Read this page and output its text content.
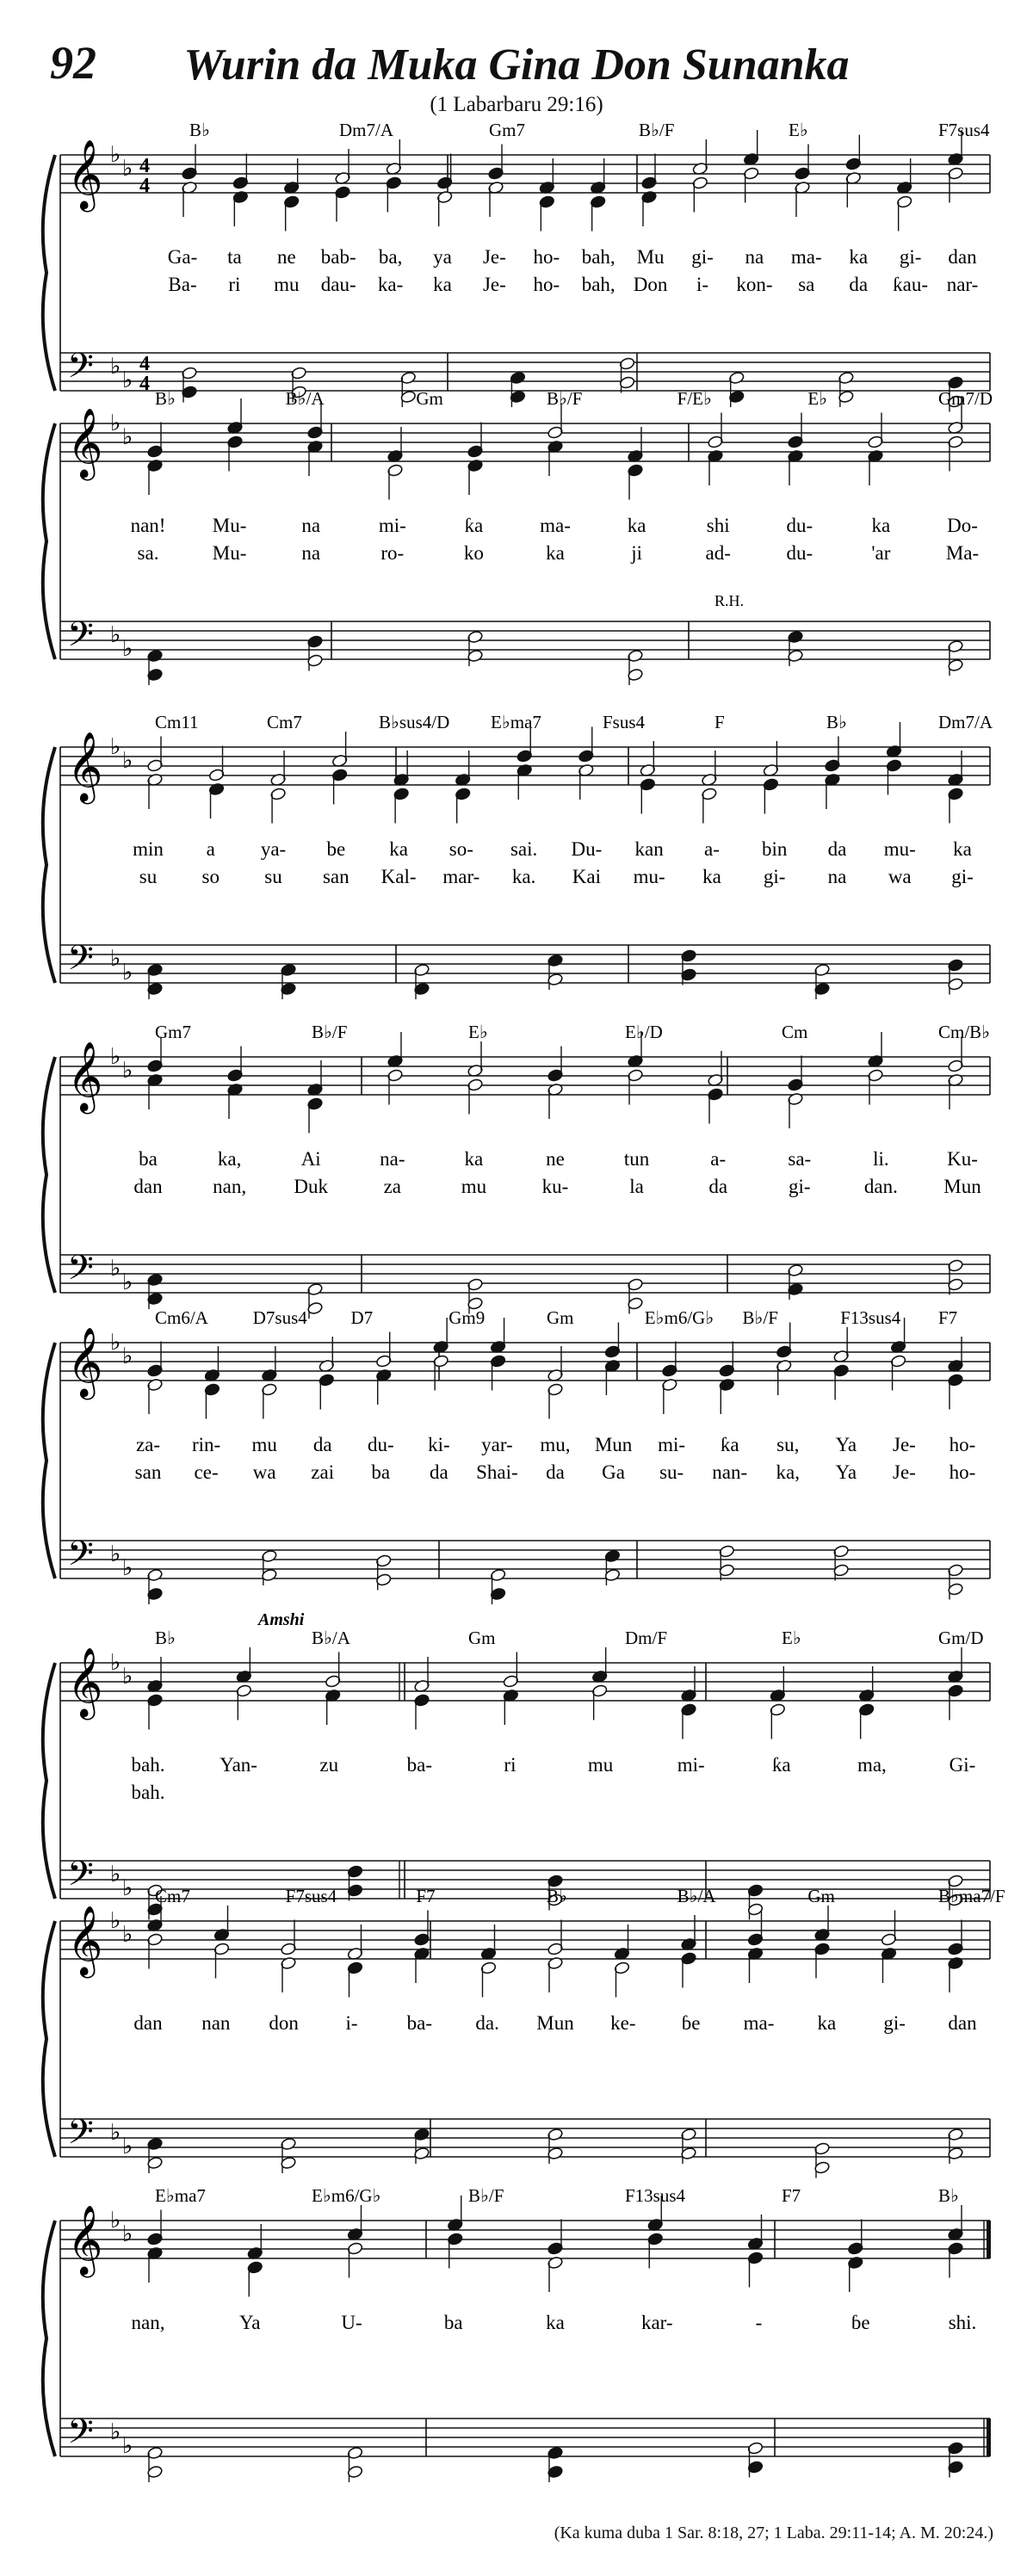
92	Wurin da Muka Gina Don Sunanka
(1 Labarbaru 29:16)
𝄞
𝄢
♭
♭
♭
♭
4
4
4
4
B♭	Dm7/A	Gm7	B♭/F	E♭	F7sus4
Ga- ta ne bab- ba, ya Je- ho- bah, Mu gi- na ma- ka gi- dan
Ba- ri mu dau- ka- ka Je- ho- bah, Don i- kon- sa da ƙau- nar-
𝄞
𝄢
♭
♭
♭
♭
B♭	B♭/A	Gm	B♭/F	F/E♭	E♭	Gm7/D
R.H.
nan! Mu-	na	mi-	ƙa	ma-	ka	shi	du-	ka	Do-
sa.	Mu-	na	ro-	ko	ka	ji	ad-	du-	'ar	Ma-
𝄞
𝄢
♭
♭
♭
♭
Cm11	Cm7	B♭sus4/D E♭ma7	Fsus4	F	B♭	Dm7/A
min a ya- be ka so- sai. Du- kan a- bin da mu- ka
su so su san Kal- mar- ka. Kai mu- ka gi- na wa gi-
𝄞
𝄢
♭
♭
♭
♭
Gm7	B♭/F	E♭	E♭/D	Cm	Cm/B♭
ba	ka,	Ai	na-	ka	ne	tun	a-	sa-	li.	Ku-
dan	nan, Duk	za	mu	ku-	la	da	gi-	dan. Mun
𝄞
𝄢
♭
♭
♭
♭
Cm6/A D7sus4 D7	Gm9	Gm	E♭m6/G♭ B♭/F	F13sus4 F7
za- rin- mu da du- ki- yar- mu, Mun mi- ƙa su, Ya Je- ho-
san ce- wa zai ba da Shai- da Ga su- nan- ka, Ya Je- ho-
𝄞
𝄢
♭
♭
♭
♭
B♭	B♭/A	Gm	Dm/F	E♭	Gm/D
Amshi
bah.	Yan-	zu	ba-	ri	mu	mi-	ƙa	ma,	Gi-
bah.
𝄞
𝄢
♭
♭
♭
♭
Cm7	F7sus4	F7	B♭	B♭/A	Gm	B♭ma7/F
dan nan don i- ba- da. Mun ke- ɓe ma- ka gi- dan
𝄞
𝄢
♭
♭
♭
♭
E♭ma7	E♭m6/G♭	B♭/F	F13sus4	F7	B♭
nan,	Ya	U-	ba	ka	kar-	-	ɓe	shi.
(Ka kuma duba 1 Sar. 8:18, 27; 1 Laba. 29:11-14; A. M. 20:24.)
